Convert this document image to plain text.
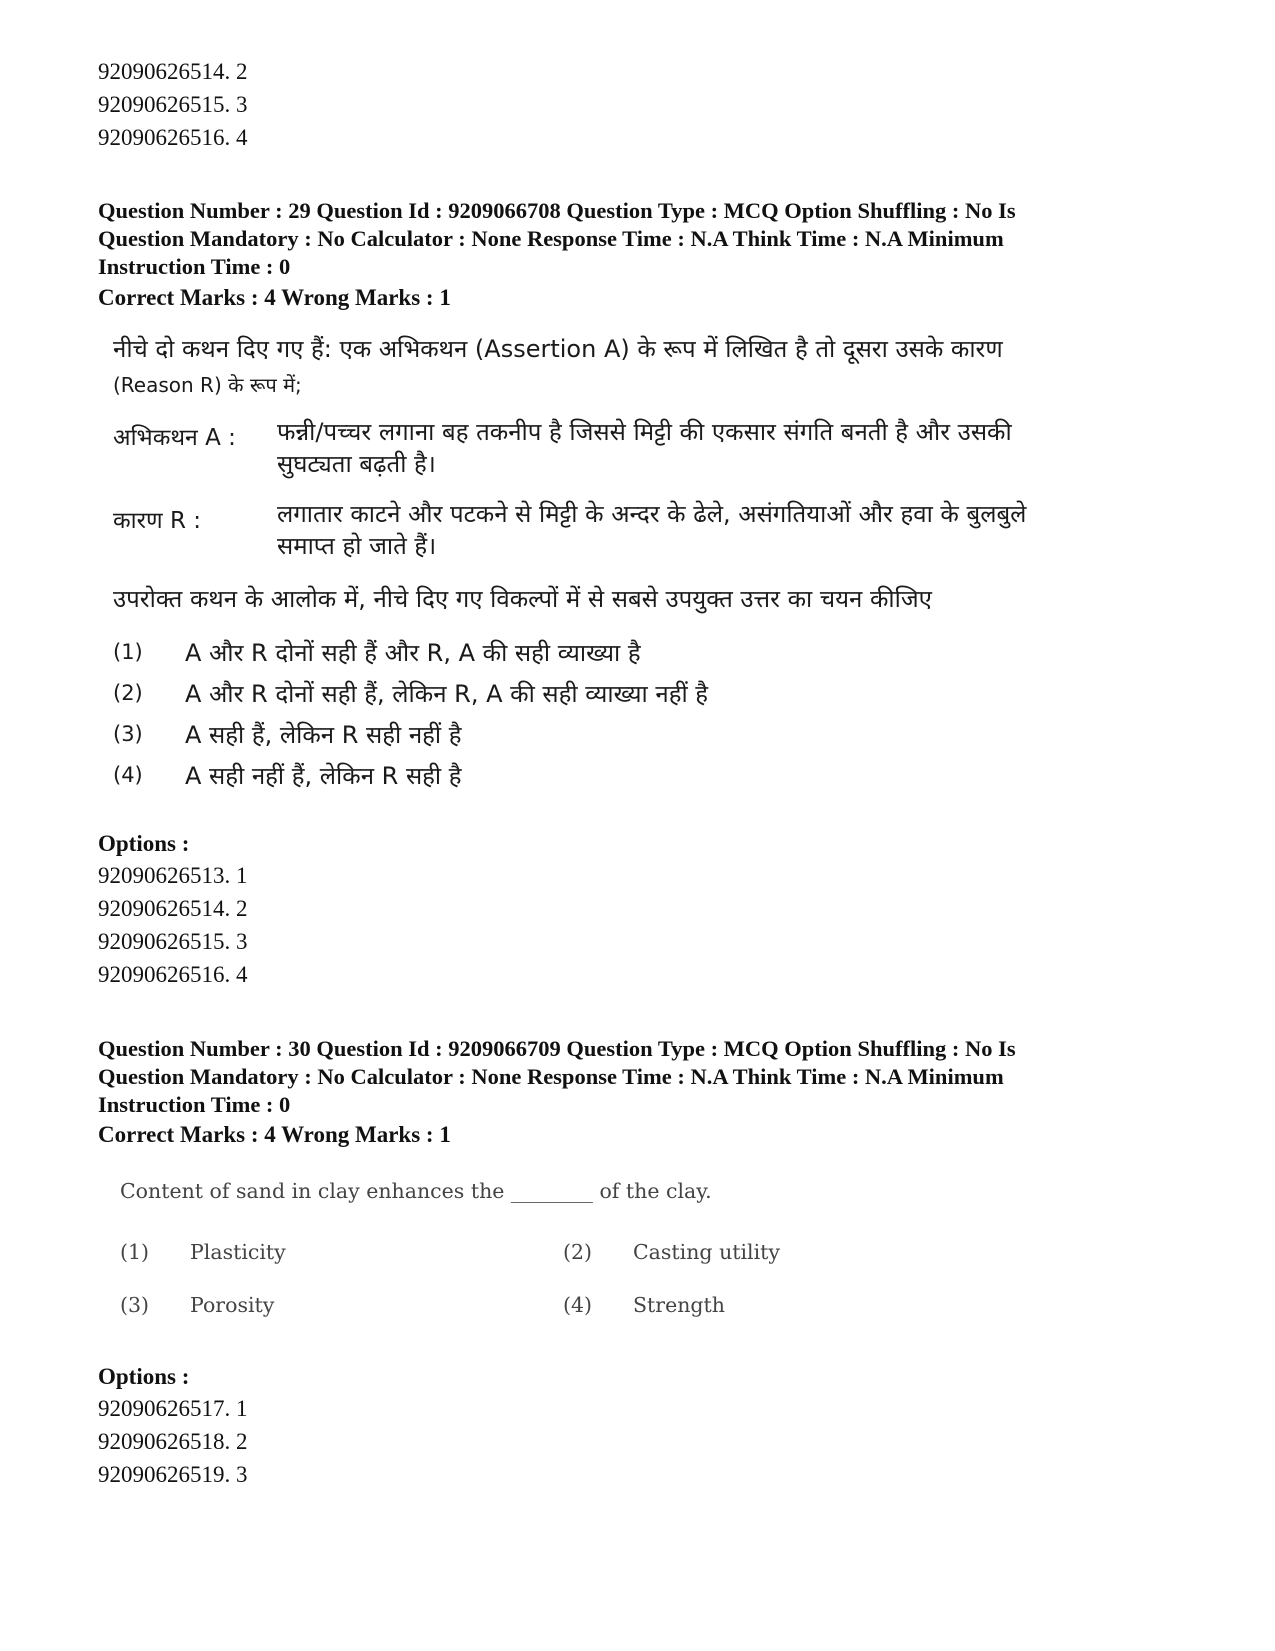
92090626514. 2
92090626515. 3
92090626516. 4
Question Number : 29 Question Id : 9209066708 Question Type : MCQ Option Shuffling : No Is
Question Mandatory : No Calculator : None Response Time : N.A Think Time : N.A Minimum
Instruction Time : 0
Correct Marks : 4 Wrong Marks : 1
नीचे दो कथन दिए गए हैं: एक अभिकथन (Assertion A) के रूप में लिखित है तो दूसरा उसके कारण
(Reason R) के रूप में;
अभिकथन A : फन्नी/पच्चर लगाना बह तकनीप है जिससे मिट्टी की एकसार संगति बनती है और उसकी
सुघट्यता बढ़ती है।
कारण R :	लगातार काटने और पटकने से मिट्टी के अन्दर के ढेले, असंगतियाओं और हवा के बुलबुले
समाप्त हो जाते हैं।
उपरोक्त कथन के आलोक में, नीचे दिए गए विकल्पों में से सबसे उपयुक्त उत्तर का चयन कीजिए
(1) A और R दोनों सही हैं और R, A की सही व्याख्या है
(2) A और R दोनों सही हैं, लेकिन R, A की सही व्याख्या नहीं है
(3) A सही हैं, लेकिन R सही नहीं है
(4) A सही नहीं हैं, लेकिन R सही है
Options :
92090626513. 1
92090626514. 2
92090626515. 3
92090626516. 4
Question Number : 30 Question Id : 9209066709 Question Type : MCQ Option Shuffling : No Is
Question Mandatory : No Calculator : None Response Time : N.A Think Time : N.A Minimum
Instruction Time : 0
Correct Marks : 4 Wrong Marks : 1
Content of sand in clay enhances the ________ of the clay.
(1) Plasticity	(2) Casting utility
(3) Porosity	(4) Strength
Options :
92090626517. 1
92090626518. 2
92090626519. 3
